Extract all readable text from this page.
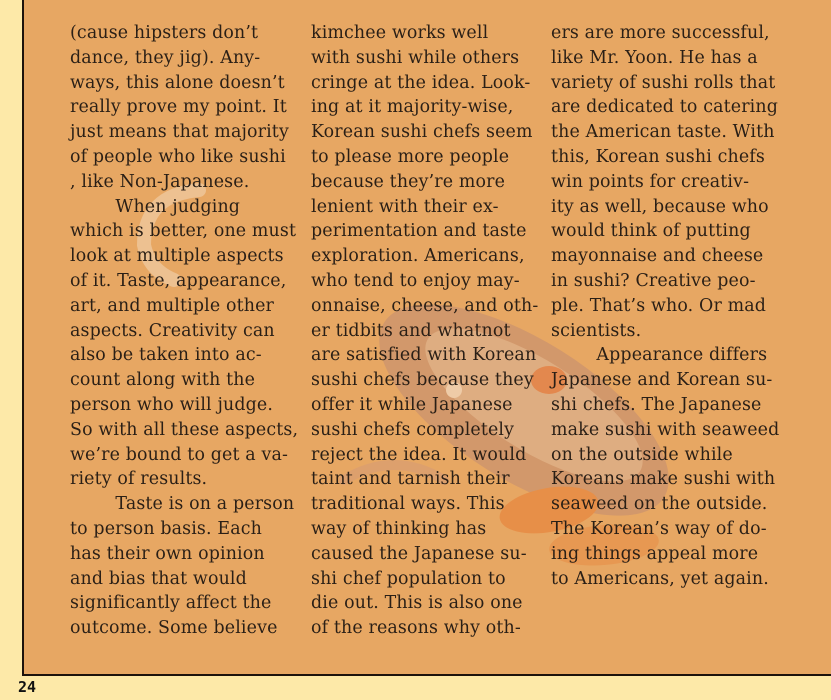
(cause hipsters don’t
dance, they jig). Any-
ways, this alone doesn’t
really prove my point. It
just means that majority
of people who like sushi
, like Non-Japanese.
When judging
which is better, one must
look at multiple aspects
of it. Taste, appearance,
art, and multiple other
aspects. Creativity can
also be taken into ac-
count along with the
person who will judge.
So with all these aspects,
we’re bound to get a va-
riety of results.
Taste is on a person
to person basis. Each
has their own opinion
and bias that would
significantly affect the
outcome. Some believe
kimchee works well
with sushi while others
cringe at the idea. Look-
ing at it majority-wise,
Korean sushi chefs seem
to please more people
because they’re more
lenient with their ex-
perimentation and taste
exploration. Americans,
who tend to enjoy may-
onnaise, cheese, and oth-
er tidbits and whatnot
are satisfied with Korean
sushi chefs because they
offer it while Japanese
sushi chefs completely
reject the idea. It would
taint and tarnish their
traditional ways. This
way of thinking has
caused the Japanese su-
shi chef population to
die out. This is also one
of the reasons why oth-
ers are more successful,
like Mr. Yoon. He has a
variety of sushi rolls that
are dedicated to catering
the American taste. With
this, Korean sushi chefs
win points for creativ-
ity as well, because who
would think of putting
mayonnaise and cheese
in sushi? Creative peo-
ple. That’s who. Or mad
scientists.
Appearance differs
Japanese and Korean su-
shi chefs. The Japanese
make sushi with seaweed
on the outside while
Koreans make sushi with
seaweed on the outside.
The Korean’s way of do-
ing things appeal more
to Americans, yet again.
24
